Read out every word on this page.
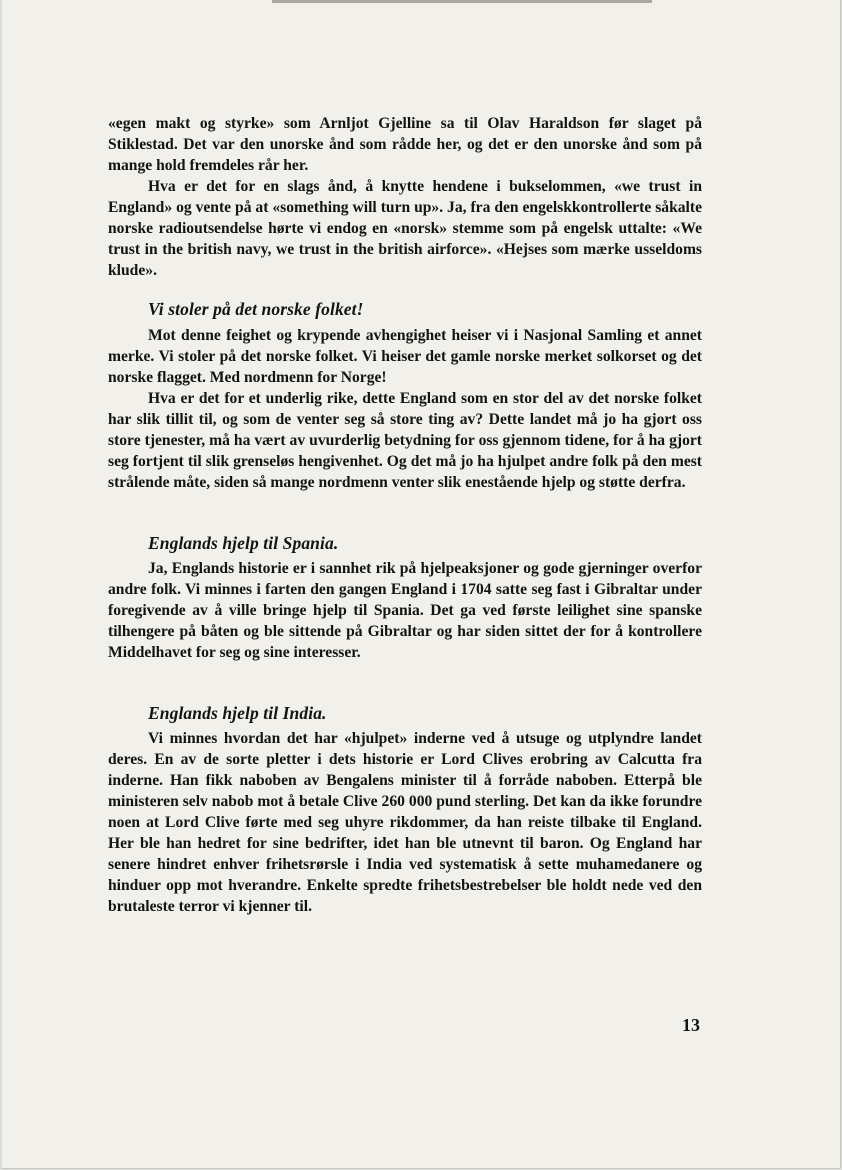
«egen makt og styrke» som Arnljot Gjelline sa til Olav Haraldson før slaget på Stiklestad. Det var den unorske ånd som rådde her, og det er den unorske ånd som på mange hold fremdeles rår her.

Hva er det for en slags ånd, å knytte hendene i bukselommen, «we trust in England» og vente på at «something will turn up». Ja, fra den engelskkontrollerte såkalte norske radioutsendelse hørte vi endog en «norsk» stemme som på engelsk uttalte: «We trust in the british navy, we trust in the british airforce». «Hejses som mærke usseldoms klude».

Vi stoler på det norske folket!

Mot denne feighet og krypende avhengighet heiser vi i Nasjonal Samling et annet merke. Vi stoler på det norske folket. Vi heiser det gamle norske merket solkorset og det norske flagget. Med nordmenn for Norge!

Hva er det for et underlig rike, dette England som en stor del av det norske folket har slik tillit til, og som de venter seg så store ting av? Dette landet må jo ha gjort oss store tjenester, må ha vært av uvurderlig betydning for oss gjennom tidene, for å ha gjort seg fortjent til slik grenseløs hengivenhet. Og det må jo ha hjulpet andre folk på den mest strålende måte, siden så mange nordmenn venter slik enestående hjelp og støtte derfra.

Englands hjelp til Spania.

Ja, Englands historie er i sannhet rik på hjelpeaksjoner og gode gjerninger overfor andre folk. Vi minnes i farten den gangen England i 1704 satte seg fast i Gibraltar under foregivende av å ville bringe hjelp til Spania. Det ga ved første leilighet sine spanske tilhengere på båten og ble sittende på Gibraltar og har siden sittet der for å kontrollere Middelhavet for seg og sine interesser.

Englands hjelp til India.

Vi minnes hvordan det har «hjulpet» inderne ved å utsuge og utplyndre landet deres. En av de sorte pletter i dets historie er Lord Clives erobring av Calcutta fra inderne. Han fikk naboben av Bengalens minister til å forråde naboben. Etterpå ble ministeren selv nabob mot å betale Clive 260 000 pund sterling. Det kan da ikke forundre noen at Lord Clive førte med seg uhyre rikdommer, da han reiste tilbake til England. Her ble han hedret for sine bedrifter, idet han ble utnevnt til baron. Og England har senere hindret enhver frihetsrørsle i India ved systematisk å sette muhamedanere og hinduer opp mot hverandre. Enkelte spredte frihetsbestrebelser ble holdt nede ved den brutaleste terror vi kjenner til.

13
